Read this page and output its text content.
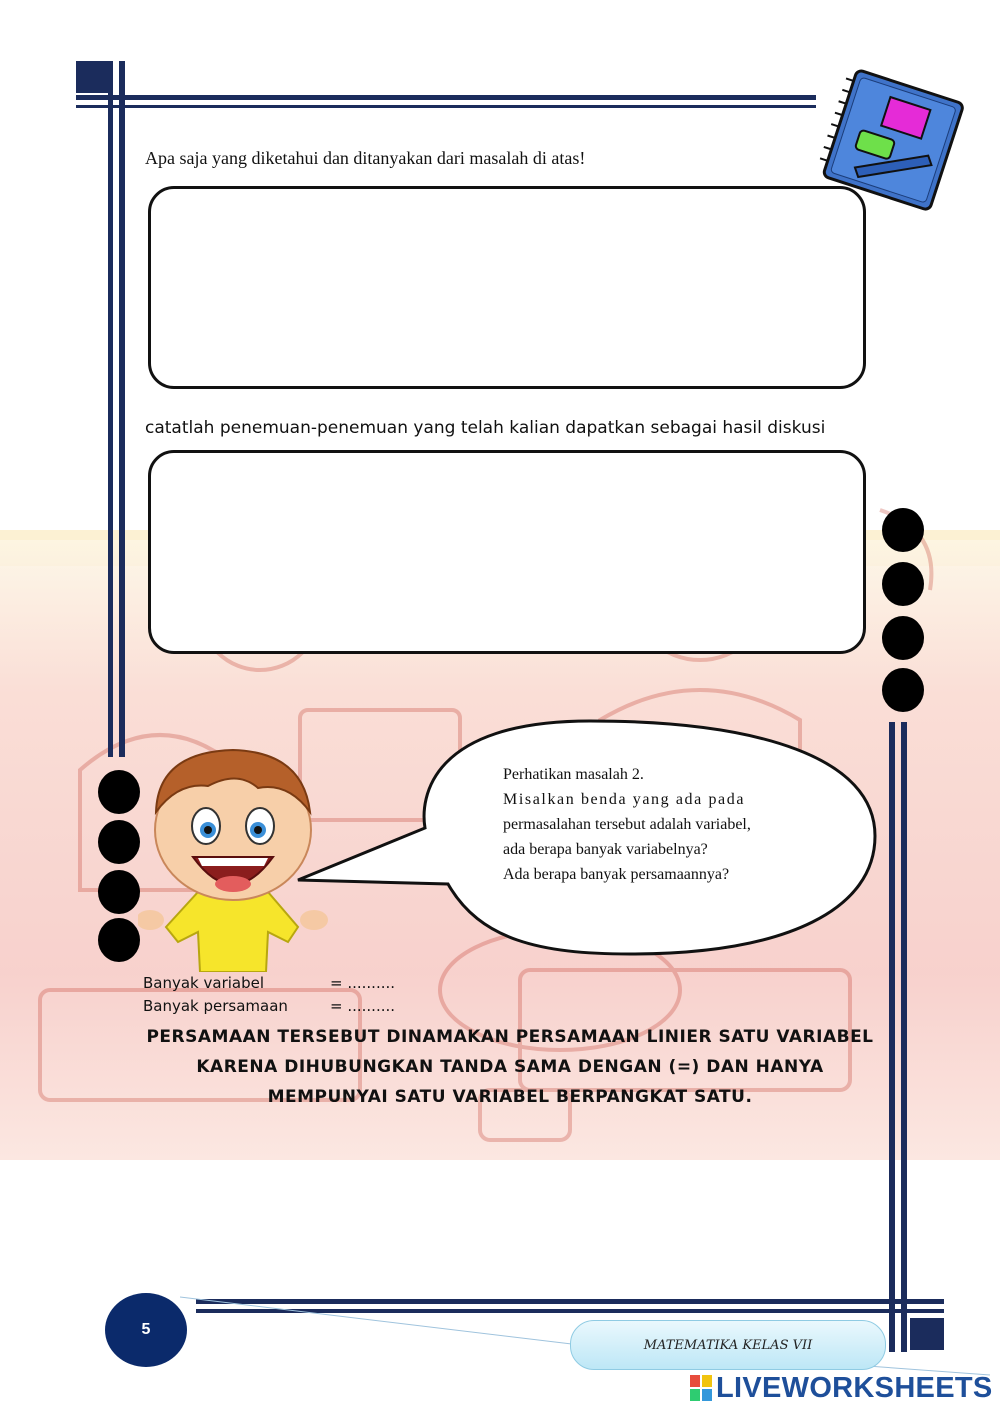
Apa saja yang diketahui dan ditanyakan dari masalah di atas!
catatlah penemuan-penemuan yang telah kalian dapatkan sebagai hasil diskusi
Perhatikan masalah 2.
Misalkan benda yang ada pada
permasalahan tersebut adalah variabel,
ada berapa banyak variabelnya?
Ada berapa banyak persamaannya?
Banyak variabel	= ..........
Banyak persamaan	= ..........
PERSAMAAN TERSEBUT DINAMAKAN PERSAMAAN LINIER SATU VARIABEL
KARENA DIHUBUNGKAN TANDA SAMA DENGAN (=) DAN HANYA
MEMPUNYAI SATU VARIABEL BERPANGKAT SATU.
5
MATEMATIKA KELAS VII
LIVEWORKSHEETS
